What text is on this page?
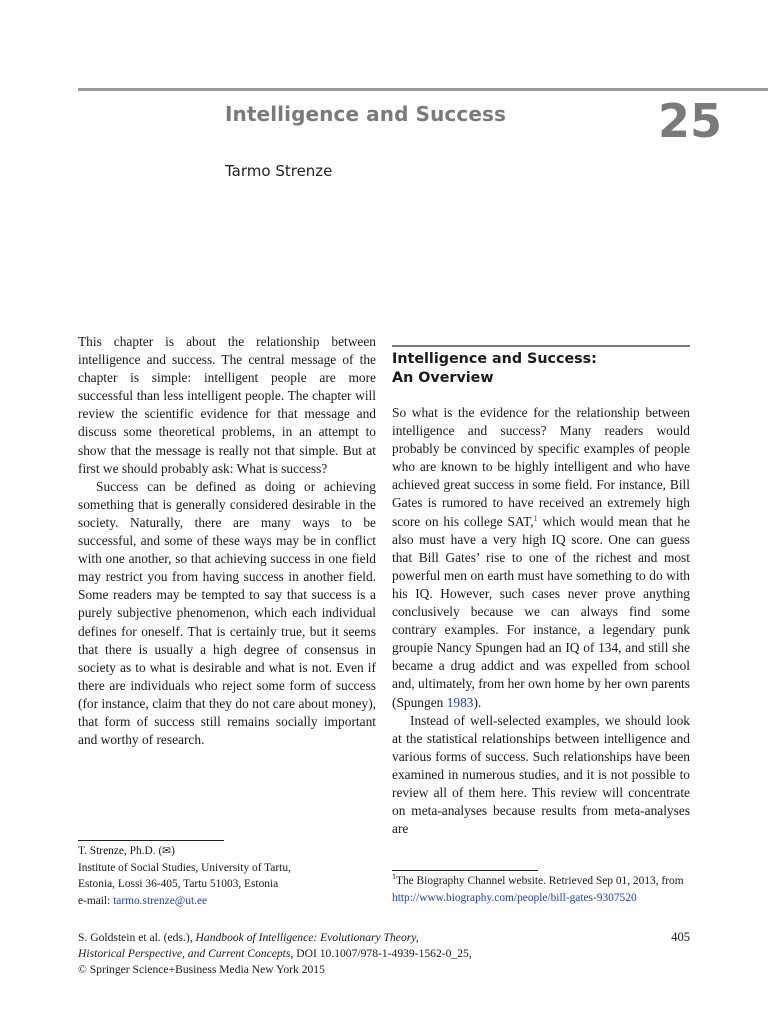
Intelligence and Success	25
Tarmo Strenze

This chapter is about the relationship between intelligence and success. The central message of the chapter is simple: intelligent people are more successful than less intelligent people. The chapter will review the scientific evidence for that message and discuss some theoretical problems, in an attempt to show that the message is really not that simple. But at first we should probably ask: What is success?

Success can be defined as doing or achieving something that is generally considered desirable in the society. Naturally, there are many ways to be successful, and some of these ways may be in conflict with one another, so that achieving success in one field may restrict you from having success in another field. Some readers may be tempted to say that success is a purely subjective phenomenon, which each individual defines for oneself. That is certainly true, but it seems that there is usually a high degree of consensus in society as to what is desirable and what is not. Even if there are individuals who reject some form of success (for instance, claim that they do not care about money), that form of success still remains socially important and worthy of research.

Intelligence and Success:
An Overview

So what is the evidence for the relationship between intelligence and success? Many readers would probably be convinced by specific examples of people who are known to be highly intelligent and who have achieved great success in some field. For instance, Bill Gates is rumored to have received an extremely high score on his college SAT,$^1$ which would mean that he also must have a very high IQ score. One can guess that Bill Gates’ rise to one of the richest and most powerful men on earth must have something to do with his IQ. However, such cases never prove anything conclusively because we can always find some contrary examples. For instance, a legendary punk groupie Nancy Spungen had an IQ of 134, and still she became a drug addict and was expelled from school and, ultimately, from her own home by her own parents (Spungen 1983).

Instead of well-selected examples, we should look at the statistical relationships between intelligence and various forms of success. Such relationships have been examined in numerous studies, and it is not possible to review all of them here. This review will concentrate on meta-analyses because results from meta-analyses are

T. Strenze, Ph.D. (✉)
Institute of Social Studies, University of Tartu,
Estonia, Lossi 36-405, Tartu 51003, Estonia
e-mail: tarmo.strenze@ut.ee
$^1$The Biography Channel website. Retrieved Sep 01, 2013, from http://www.biography.com/people/bill-gates-9307520
S. Goldstein et al. (eds.), Handbook of Intelligence: Evolutionary Theory,
Historical Perspective, and Current Concepts, DOI 10.1007/978-1-4939-1562-0_25,
© Springer Science+Business Media New York 2015
405
